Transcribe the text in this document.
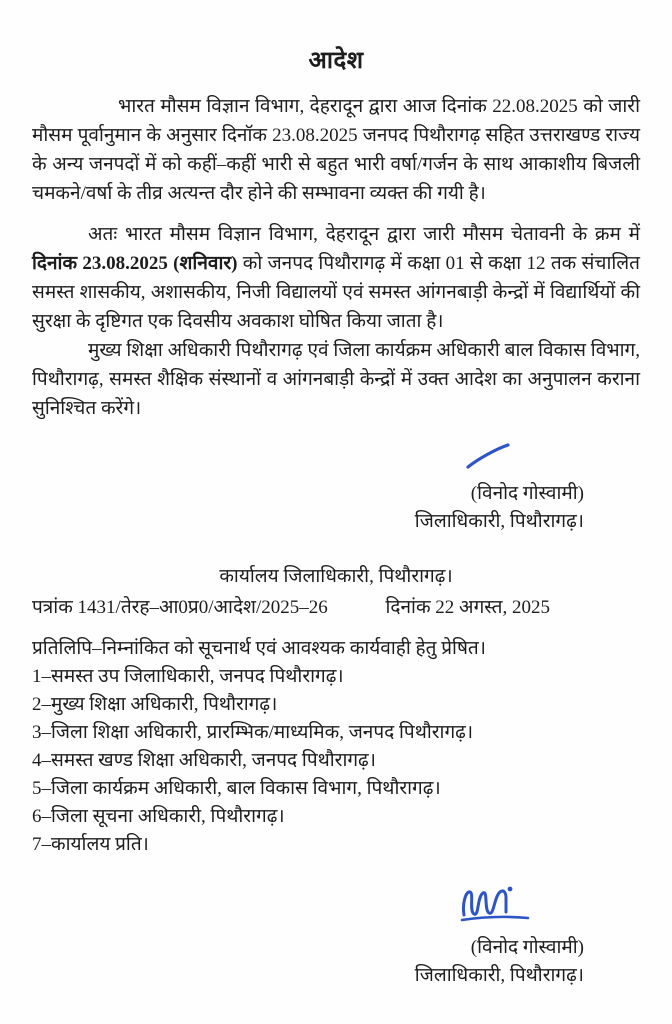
आदेश

भारत मौसम विज्ञान विभाग, देहरादून द्वारा आज दिनांक 22.08.2025 को जारी मौसम पूर्वानुमान के अनुसार दिनॉक 23.08.2025 जनपद पिथौरागढ़ सहित उत्तराखण्ड राज्य के अन्य जनपदों में को कहीं–कहीं भारी से बहुत भारी वर्षा/गर्जन के साथ आकाशीय बिजली चमकने/वर्षा के तीव्र अत्यन्त दौर होने की सम्भावना व्यक्त की गयी है।

अतः भारत मौसम विज्ञान विभाग, देहरादून द्वारा जारी मौसम चेतावनी के क्रम में दिनांक 23.08.2025 (शनिवार) को जनपद पिथौरागढ़ में कक्षा 01 से कक्षा 12 तक संचालित समस्त शासकीय, अशासकीय, निजी विद्यालयों एवं समस्त आंगनबाड़ी केन्द्रों में विद्यार्थियों की सुरक्षा के दृष्टिगत एक दिवसीय अवकाश घोषित किया जाता है।

मुख्य शिक्षा अधिकारी पिथौरागढ़ एवं जिला कार्यक्रम अधिकारी बाल विकास विभाग, पिथौरागढ़, समस्त शैक्षिक संस्थानों व आंगनबाड़ी केन्द्रों में उक्त आदेश का अनुपालन कराना सुनिश्चित करेंगे।

(विनोद गोस्वामी)
जिलाधिकारी, पिथौरागढ़।
कार्यालय जिलाधिकारी, पिथौरागढ़।
पत्रांक 1431/तेरह–आ0प्र0/आदेश/2025–26	दिनांक 22 अगस्त, 2025
प्रतिलिपि–निम्नांकित को सूचनार्थ एवं आवश्यक कार्यवाही हेतु प्रेषित।
1–समस्त उप जिलाधिकारी, जनपद पिथौरागढ़।
2–मुख्य शिक्षा अधिकारी, पिथौरागढ़।
3–जिला शिक्षा अधिकारी, प्रारम्भिक/माध्यमिक, जनपद पिथौरागढ़।
4–समस्त खण्ड शिक्षा अधिकारी, जनपद पिथौरागढ़।
5–जिला कार्यक्रम अधिकारी, बाल विकास विभाग, पिथौरागढ़।
6–जिला सूचना अधिकारी, पिथौरागढ़।
7–कार्यालय प्रति।
(विनोद गोस्वामी)
जिलाधिकारी, पिथौरागढ़।
